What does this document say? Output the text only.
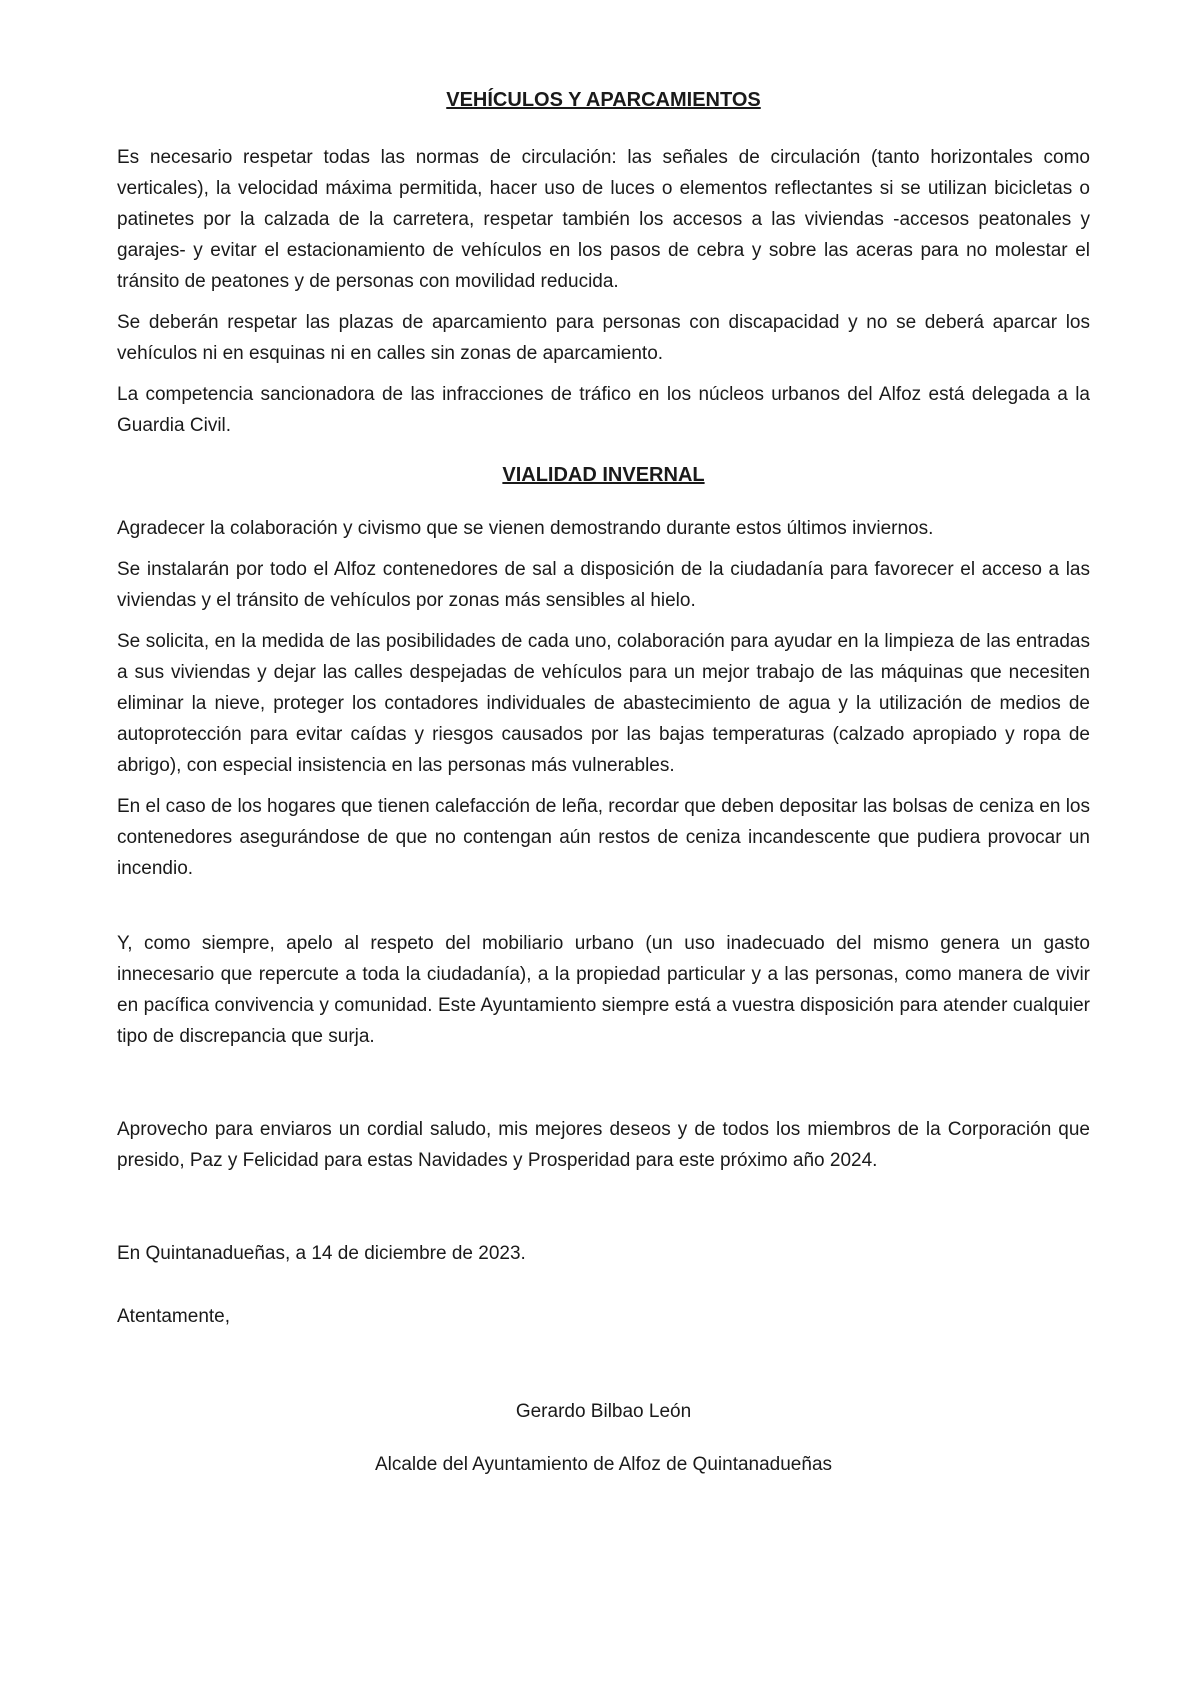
VEHÍCULOS Y APARCAMIENTOS

Es necesario respetar todas las normas de circulación: las señales de circulación (tanto horizontales como verticales), la velocidad máxima permitida, hacer uso de luces o elementos reflectantes si se utilizan bicicletas o patinetes por la calzada de la carretera, respetar también los accesos a las viviendas -accesos peatonales y garajes- y evitar el estacionamiento de vehículos en los pasos de cebra y sobre las aceras para no molestar el tránsito de peatones y de personas con movilidad reducida.

Se deberán respetar las plazas de aparcamiento para personas con discapacidad y no se deberá aparcar los vehículos ni en esquinas ni en calles sin zonas de aparcamiento.

La competencia sancionadora de las infracciones de tráfico en los núcleos urbanos del Alfoz está delegada a la Guardia Civil.

VIALIDAD INVERNAL

Agradecer la colaboración y civismo que se vienen demostrando durante estos últimos inviernos.

Se instalarán por todo el Alfoz contenedores de sal a disposición de la ciudadanía para favorecer el acceso a las viviendas y el tránsito de vehículos por zonas más sensibles al hielo.

Se solicita, en la medida de las posibilidades de cada uno, colaboración para ayudar en la limpieza de las entradas a sus viviendas y dejar las calles despejadas de vehículos para un mejor trabajo de las máquinas que necesiten eliminar la nieve, proteger los contadores individuales de abastecimiento de agua y la utilización de medios de autoprotección para evitar caídas y riesgos causados por las bajas temperaturas (calzado apropiado y ropa de abrigo), con especial insistencia en las personas más vulnerables.

En el caso de los hogares que tienen calefacción de leña, recordar que deben depositar las bolsas de ceniza en los contenedores asegurándose de que no contengan aún restos de ceniza incandescente que pudiera provocar un incendio.

Y, como siempre, apelo al respeto del mobiliario urbano (un uso inadecuado del mismo genera un gasto innecesario que repercute a toda la ciudadanía), a la propiedad particular y a las personas, como manera de vivir en pacífica convivencia y comunidad. Este Ayuntamiento siempre está a vuestra disposición para atender cualquier tipo de discrepancia que surja.

Aprovecho para enviaros un cordial saludo, mis mejores deseos y de todos los miembros de la Corporación que presido, Paz y Felicidad para estas Navidades y Prosperidad para este próximo año 2024.

En Quintanadueñas, a 14 de diciembre de 2023.

Atentamente,

Gerardo Bilbao León

Alcalde del Ayuntamiento de Alfoz de Quintanadueñas
